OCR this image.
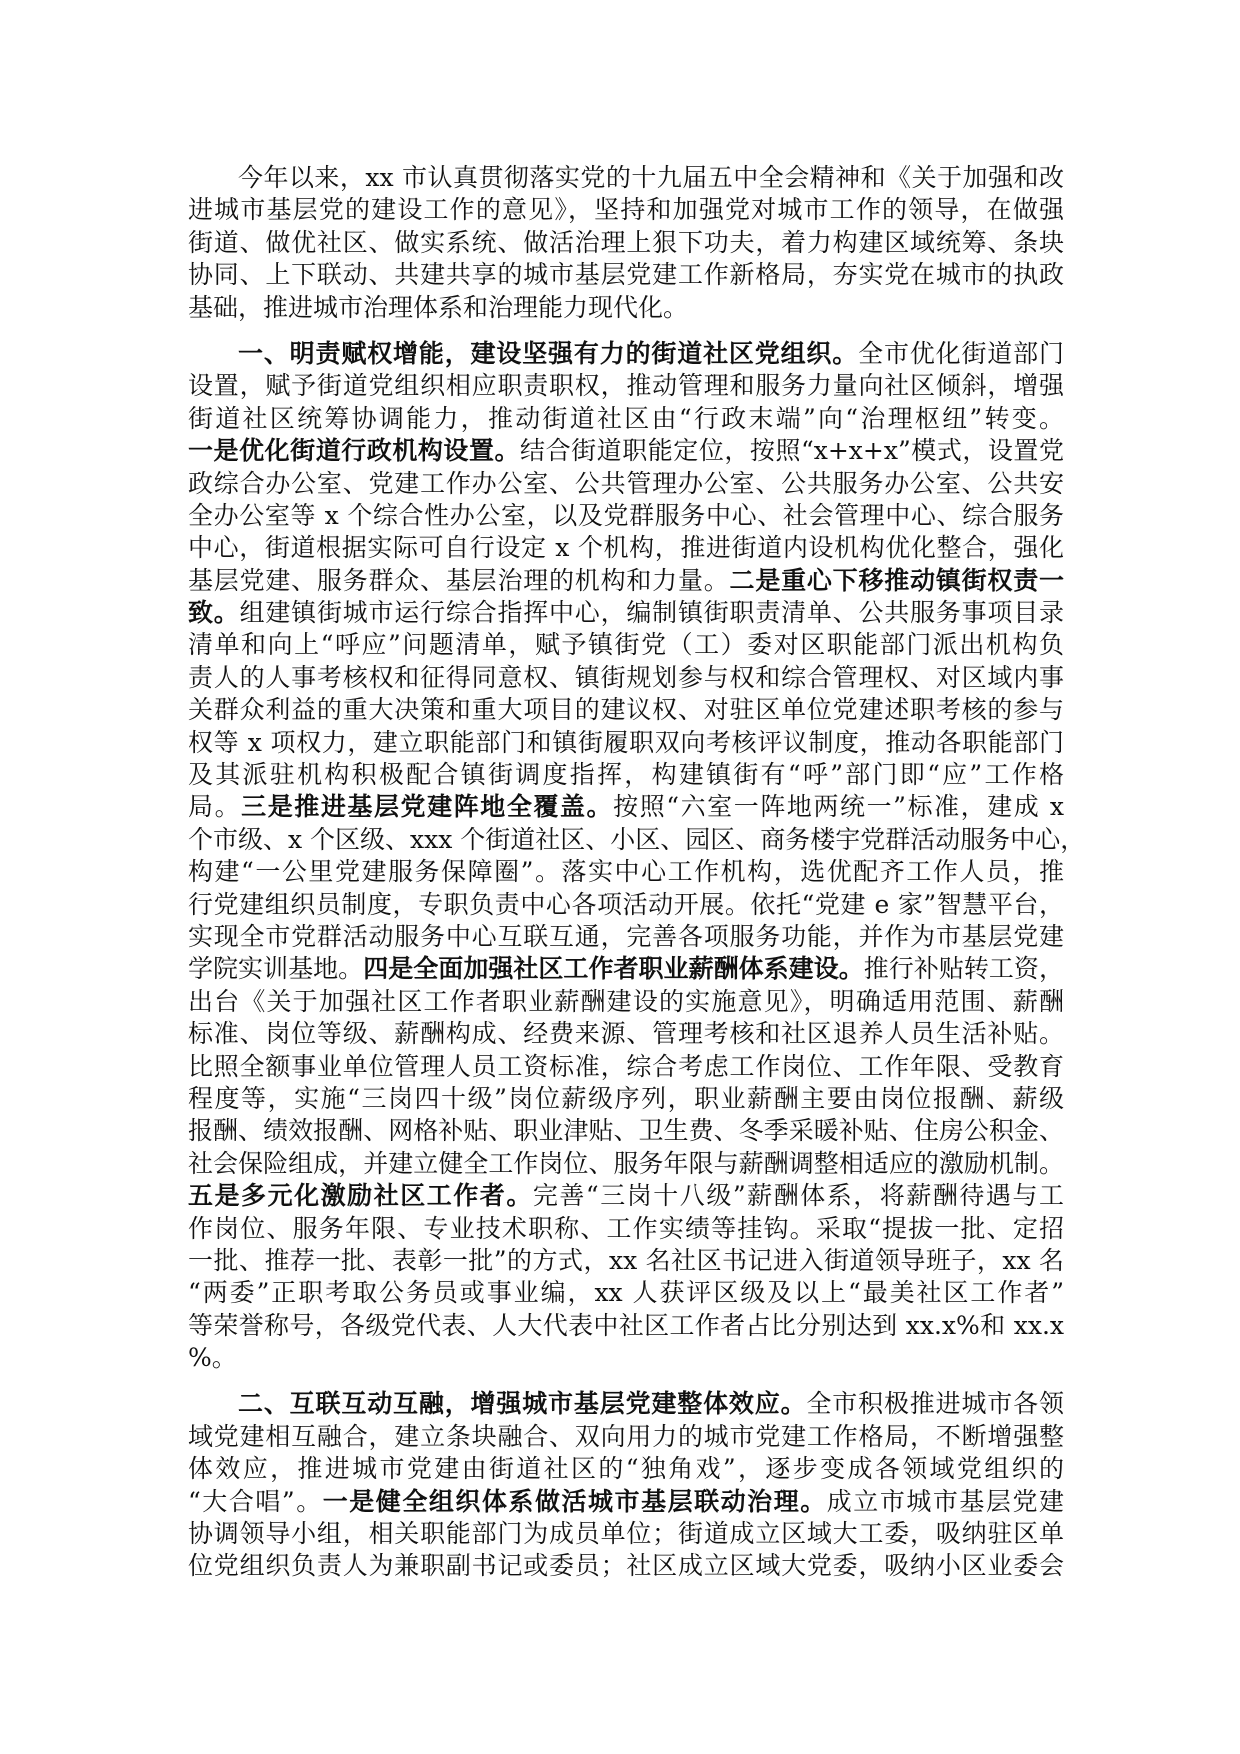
今年以来，xx 市认真贯彻落实党的十九届五中全会精神和《关于加强和改
进城市基层党的建设工作的意见》，坚持和加强党对城市工作的领导，在做强
街道、做优社区、做实系统、做活治理上狠下功夫，着力构建区域统筹、条块
协同、上下联动、共建共享的城市基层党建工作新格局，夯实党在城市的执政
基础，推进城市治理体系和治理能力现代化。
一、明责赋权增能，建设坚强有力的街道社区党组织。全市优化街道部门
设置，赋予街道党组织相应职责职权，推动管理和服务力量向社区倾斜，增强
街道社区统筹协调能力，推动街道社区由“行政末端”向“治理枢纽”转变。
一是优化街道行政机构设置。结合街道职能定位，按照“x+x+x”模式，设置党
政综合办公室、党建工作办公室、公共管理办公室、公共服务办公室、公共安
全办公室等 x 个综合性办公室，以及党群服务中心、社会管理中心、综合服务
中心，街道根据实际可自行设定 x 个机构，推进街道内设机构优化整合，强化
基层党建、服务群众、基层治理的机构和力量。二是重心下移推动镇街权责一
致。组建镇街城市运行综合指挥中心，编制镇街职责清单、公共服务事项目录
清单和向上“呼应”问题清单，赋予镇街党（工）委对区职能部门派出机构负
责人的人事考核权和征得同意权、镇街规划参与权和综合管理权、对区域内事
关群众利益的重大决策和重大项目的建议权、对驻区单位党建述职考核的参与
权等 x 项权力，建立职能部门和镇街履职双向考核评议制度，推动各职能部门
及其派驻机构积极配合镇街调度指挥，构建镇街有“呼”部门即“应”工作格
局。三是推进基层党建阵地全覆盖。按照“六室一阵地两统一”标准，建成 x
个市级、x 个区级、xxx 个街道社区、小区、园区、商务楼宇党群活动服务中心，
构建“一公里党建服务保障圈”。落实中心工作机构，选优配齐工作人员，推
行党建组织员制度，专职负责中心各项活动开展。依托“党建 e 家”智慧平台，
实现全市党群活动服务中心互联互通，完善各项服务功能，并作为市基层党建
学院实训基地。四是全面加强社区工作者职业薪酬体系建设。推行补贴转工资，
出台《关于加强社区工作者职业薪酬建设的实施意见》，明确适用范围、薪酬
标准、岗位等级、薪酬构成、经费来源、管理考核和社区退养人员生活补贴。
比照全额事业单位管理人员工资标准，综合考虑工作岗位、工作年限、受教育
程度等，实施“三岗四十级”岗位薪级序列，职业薪酬主要由岗位报酬、薪级
报酬、绩效报酬、网格补贴、职业津贴、卫生费、冬季采暖补贴、住房公积金、
社会保险组成，并建立健全工作岗位、服务年限与薪酬调整相适应的激励机制。
五是多元化激励社区工作者。完善“三岗十八级”薪酬体系，将薪酬待遇与工
作岗位、服务年限、专业技术职称、工作实绩等挂钩。采取“提拔一批、定招
一批、推荐一批、表彰一批”的方式，xx 名社区书记进入街道领导班子，xx 名
“两委”正职考取公务员或事业编，xx 人获评区级及以上“最美社区工作者”
等荣誉称号，各级党代表、人大代表中社区工作者占比分别达到 xx.x%和 xx.x
%。
二、互联互动互融，增强城市基层党建整体效应。全市积极推进城市各领
域党建相互融合，建立条块融合、双向用力的城市党建工作格局，不断增强整
体效应，推进城市党建由街道社区的“独角戏”，逐步变成各领域党组织的
“大合唱”。一是健全组织体系做活城市基层联动治理。成立市城市基层党建
协调领导小组，相关职能部门为成员单位；街道成立区域大工委，吸纳驻区单
位党组织负责人为兼职副书记或委员；社区成立区域大党委，吸纳小区业委会
